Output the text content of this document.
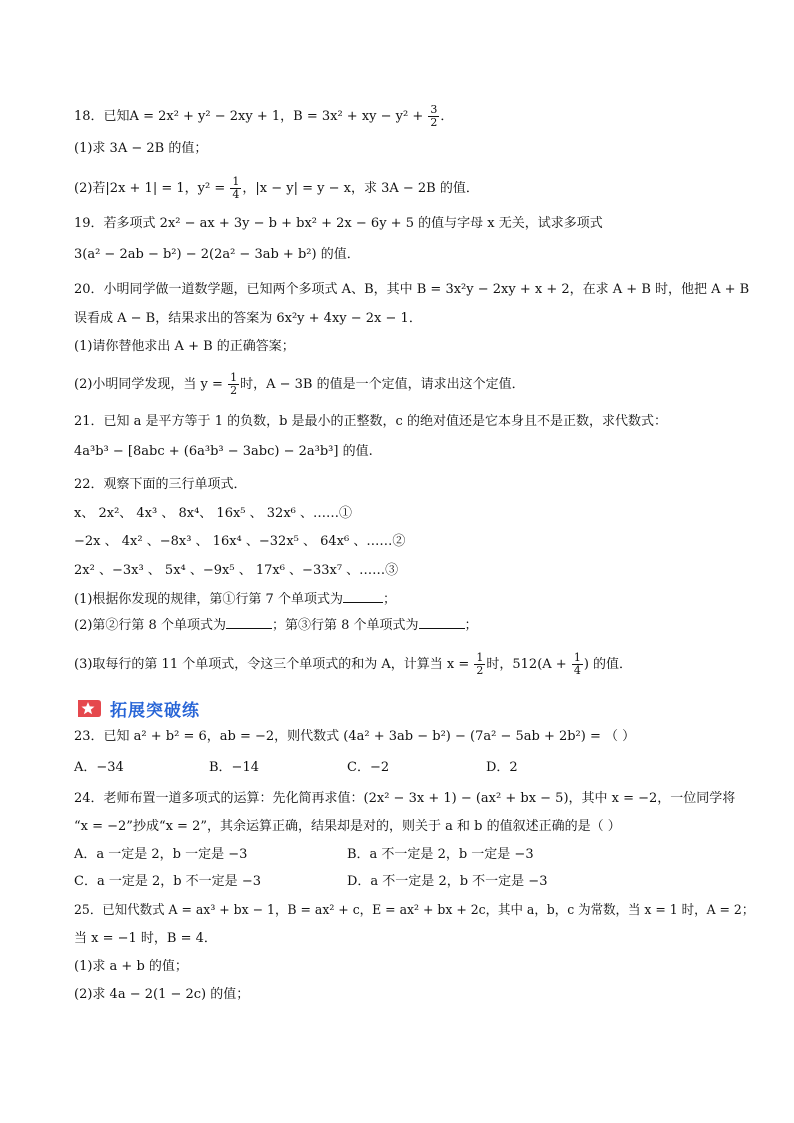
18．已知A = 2x² + y² − 2xy + 1，B = 3x² + xy − $y^2 + \frac{3}{2}$ ．
(1)求 3A − 2B 的值；
(2)若|2x + 1| = 1，$y^2 = \frac{1}{4}$ ，|x − y| = y − x，求 3A − 2B 的值．
19．若多项式 2x² − ax + 3y − b + bx² + 2x − 6y + 5 的值与字母 x 无关，试求多项式
3(a² − 2ab − b²) − 2(2a² − 3ab + b²) 的值．
20．小明同学做一道数学题，已知两个多项式 A、B，其中 B = 3x²y − 2xy + x + 2，在求 A + B 时，他把 A + B
误看成 A − B，结果求出的答案为 6x²y + 4xy − 2x − 1．
(1)请你替他求出 A + B 的正确答案；
(2)小明同学发现，当 $y = \frac{1}{2}$ 时，A − 3B 的值是一个定值，请求出这个定值．
21．已知 a 是平方等于 1 的负数，b 是最小的正整数，c 的绝对值还是它本身且不是正数，求代数式：
4a³b³ − [8abc + (6a³b³ − 3abc) − 2a³b³] 的值.
22．观察下面的三行单项式．
x、 2x²、 4x³ 、 8x⁴、 16x⁵ 、 32x⁶ 、……①
−2x 、 4x² 、−8x³ 、 16x⁴ 、−32x⁵ 、 64x⁶ 、……②
2x² 、−3x³ 、 5x⁴ 、−9x⁵ 、 17x⁶ 、−33x⁷ 、……③
(1)根据你发现的规律，第①行第 7 个单项式为	；
(2)第②行第 8 个单项式为	；第③行第 8 个单项式为	；
(3)取每行的第 11 个单项式，令这三个单项式的和为 A，计算当 $x = \frac{1}{2}$ 时，$512(A + \frac{1}{4}$ ) 的值．
拓展突破练
23．已知 a² + b² = 6，ab = −2，则代数式 (4a² + 3ab − b²) − (7a² − 5ab + 2b²) = （ ）
A．−34	B．−14	C．−2	D．2
24．老师布置一道多项式的运算：先化简再求值：(2x² − 3x + 1) − (ax² + bx − 5)，其中 x = −2，一位同学将
“x = −2”抄成“x = 2”，其余运算正确，结果却是对的，则关于 a 和 b 的值叙述正确的是（ ）
A．a 一定是 2，b 一定是 −3	B．a 不一定是 2，b 一定是 −3
C．a 一定是 2，b 不一定是 −3	D．a 不一定是 2，b 不一定是 −3
25．已知代数式 A = ax³ + bx − 1，B = ax² + c，E = ax² + bx + 2c，其中 a，b，c 为常数，当 x = 1 时，A = 2；
当 x = −1 时，B = 4．
(1)求 a + b 的值；
(2)求 4a − 2(1 − 2c) 的值；
